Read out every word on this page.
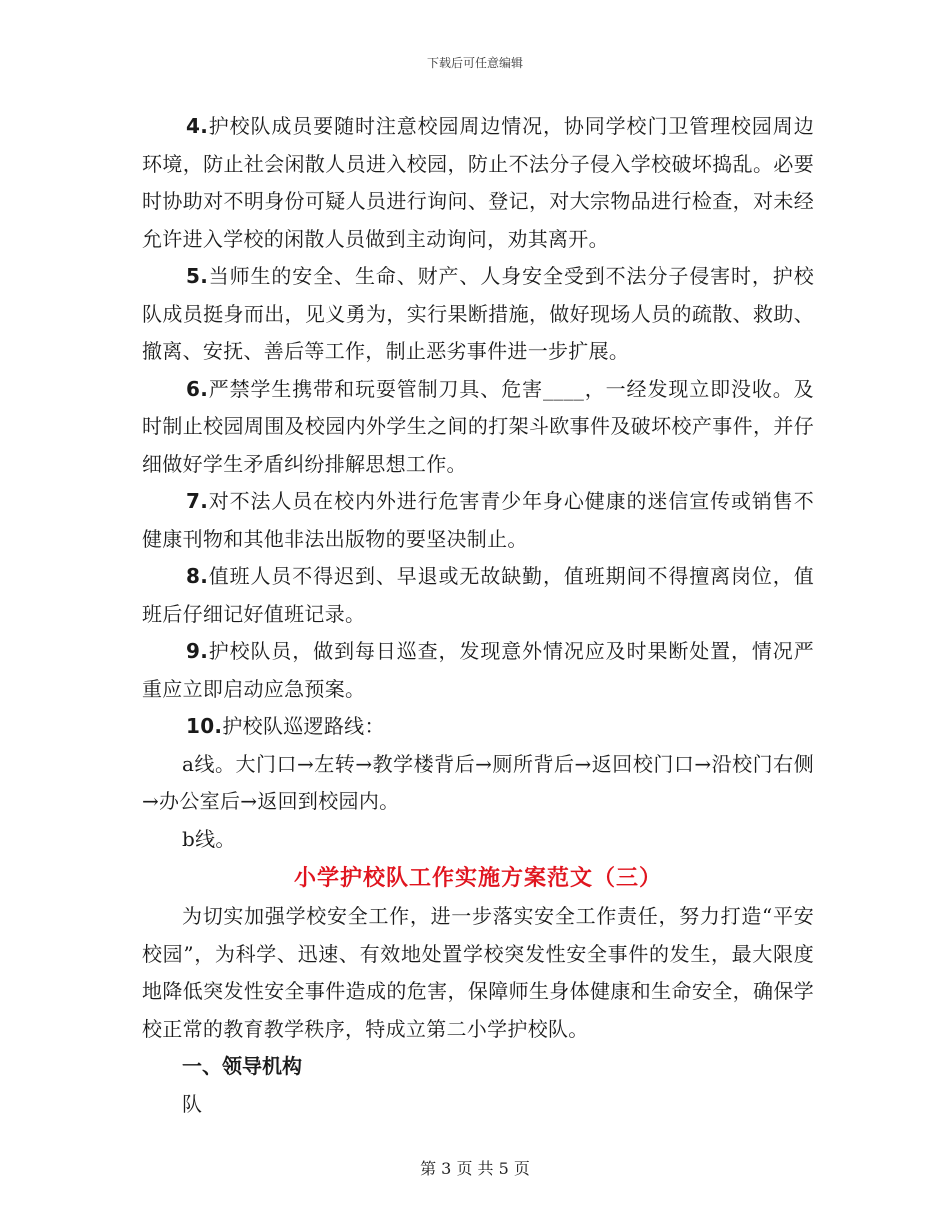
下载后可任意编辑

4.护校队成员要随时注意校园周边情况，协同学校门卫管理校园周边环境，防止社会闲散人员进入校园，防止不法分子侵入学校破坏捣乱。必要时协助对不明身份可疑人员进行询问、登记，对大宗物品进行检查，对未经允许进入学校的闲散人员做到主动询问，劝其离开。

5.当师生的安全、生命、财产、人身安全受到不法分子侵害时，护校队成员挺身而出，见义勇为，实行果断措施，做好现场人员的疏散、救助、撤离、安抚、善后等工作，制止恶劣事件进一步扩展。

6.严禁学生携带和玩耍管制刀具、危害____，一经发现立即没收。及时制止校园周围及校园内外学生之间的打架斗欧事件及破坏校产事件，并仔细做好学生矛盾纠纷排解思想工作。

7.对不法人员在校内外进行危害青少年身心健康的迷信宣传或销售不健康刊物和其他非法出版物的要坚决制止。

8.值班人员不得迟到、早退或无故缺勤，值班期间不得擅离岗位，值班后仔细记好值班记录。

9.护校队员，做到每日巡查，发现意外情况应及时果断处置，情况严重应立即启动应急预案。

10.护校队巡逻路线：

a线。大门口→左转→教学楼背后→厕所背后→返回校门口→沿校门右侧→办公室后→返回到校园内。

b线。

小学护校队工作实施方案范文（三）

为切实加强学校安全工作，进一步落实安全工作责任，努力打造“平安校园”，为科学、迅速、有效地处置学校突发性安全事件的发生，最大限度地降低突发性安全事件造成的危害，保障师生身体健康和生命安全，确保学校正常的教育教学秩序，特成立第二小学护校队。

一、领导机构

队

第 3 页 共 5 页
